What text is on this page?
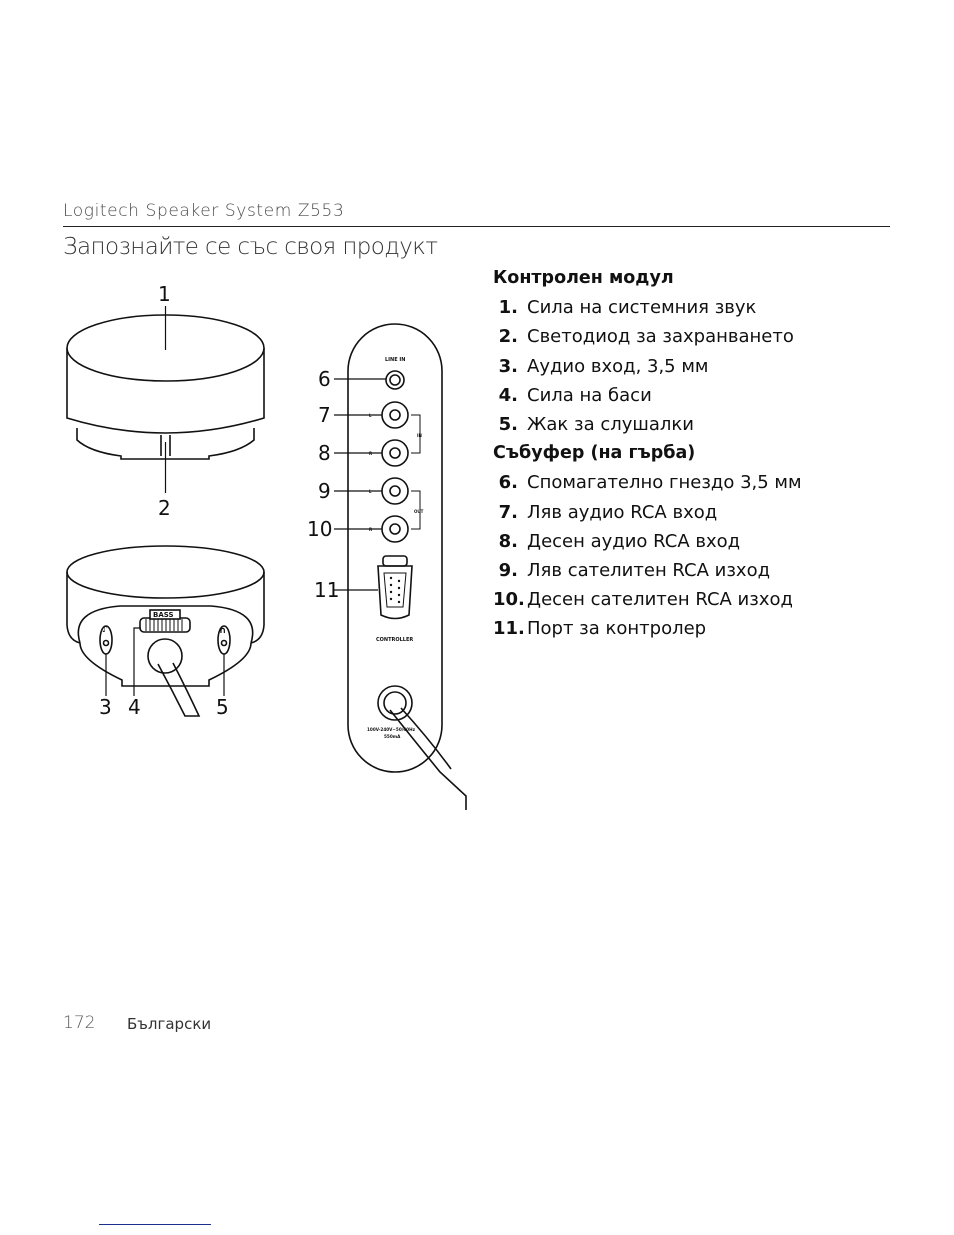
Logitech Speaker System Z553
Запознайте се със своя продукт
1
2
3 4	5
6
7
8
9
10
11
BASS
♪	∩
LINE IN
L
R
L
R
IN
OUT
CONTROLLER
100V-240V~50/60Hz
550mA
Контролен модул
1. Сила на системния звук
2. Светодиод за захранването
3. Аудио вход, 3,5 мм
4. Сила на баси
5. Жак за слушалки
Събуфер (на гърба)
6. Спомагателно гнездо 3,5 мм
7. Ляв аудио RCA вход
8. Десен аудио RCA вход
9. Ляв сателитен RCA изход
10. Десен сателитен RCA изход
11. Порт за контролер
172 Български
